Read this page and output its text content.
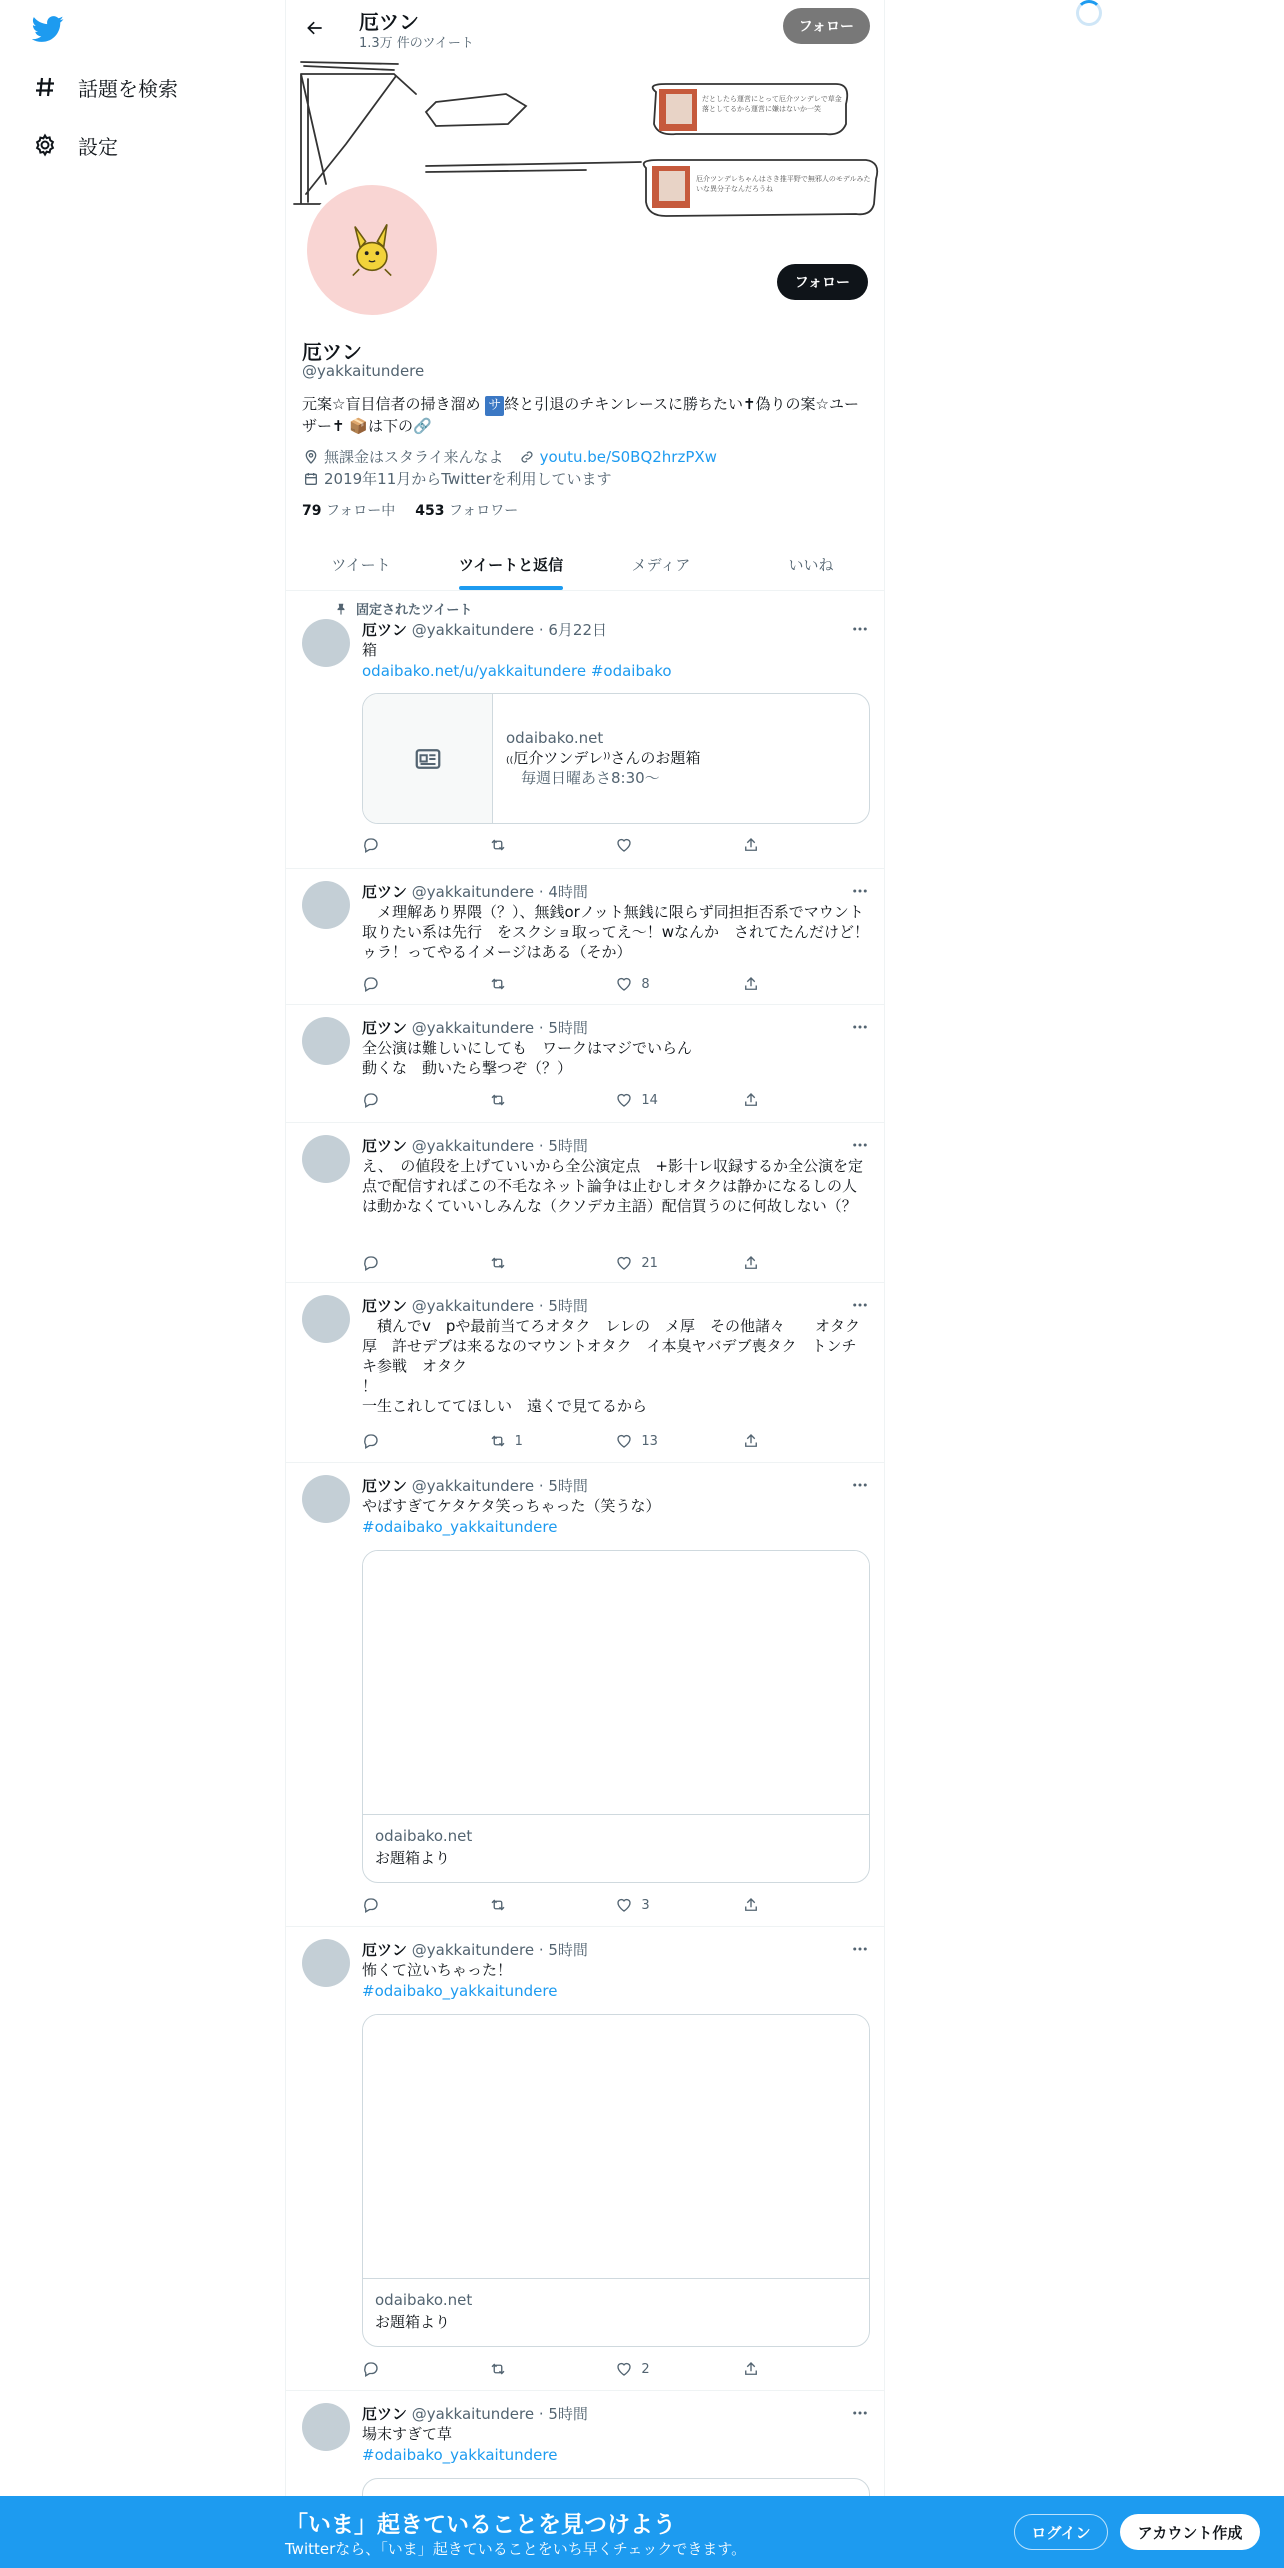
話題を検索
設定
厄ツン
1.3万 件のツイート
フォロー
だとしたら運営にとって厄介ツンデレで草金落としてるから運営に嫌はないか一笑
厄介ツンデレちゃんはさき推平野で無邪人のモデルみたいな異分子なんだろうね
フォロー
厄ツン
@yakkaitundere
元案☆盲目信者の掃き溜め サ 終と引退のチキンレースに勝ちたい✝偽りの案☆ユーザー✝ 📦は下の🔗
無課金はスタライ来んなよ youtu.be/S0BQ2hrzPXw
2019年11月からTwitterを利用しています
79 フォロー中 453 フォロワー
ツイート	ツイートと返信	メディア	いいね
固定されたツイート
厄ツン @yakkaitundere · 6月22日
箱
odaibako.net/u/yakkaitundere #odaibako
odaibako.net
₍₍厄介ツンデレ⁾⁾さんのお題箱
　毎週日曜あさ8:30〜
厄ツン @yakkaitundere · 4時間
　メ理解あり界隈（？）、無銭orノット無銭に限らず同担拒否系でマウント取りたい系は先行　をスクショ取ってえ〜！wなんか　されてたんだけど！ゥラ！ってやるイメージはある（そか）
8
厄ツン @yakkaitundere · 5時間
全公演は難しいにしても　ワークはマジでいらん
動くな　動いたら撃つぞ（？）
14
厄ツン @yakkaitundere · 5時間
え、　の値段を上げていいから全公演定点　+影十レ収録するか全公演を定点で配信すればこの不毛なネット論争は止むしオタクは静かになるしの人は動かなくていいしみんな（クソデカ主語）配信買うのに何故しない（？
21
厄ツン @yakkaitundere · 5時間
　積んでv　pや最前当てろオタク　レレの　メ厚　その他諸々　　オタク　厚　許せデブは来るなのマウントオタク　イ本臭ヤバデブ喪タク　トンチキ参戦　オタク
！
一生これしててほしい　遠くで見てるから
1	13
厄ツン @yakkaitundere · 5時間
やばすぎてケタケタ笑っちゃった（笑うな）
#odaibako_yakkaitundere
odaibako.net
お題箱より
3
厄ツン @yakkaitundere · 5時間
怖くて泣いちゃった！
#odaibako_yakkaitundere
odaibako.net
お題箱より
2
厄ツン @yakkaitundere · 5時間
場末すぎて草
#odaibako_yakkaitundere
「いま」起きていることを見つけよう
Twitterなら、「いま」起きていることをいち早くチェックできます。
ログイン	アカウント作成
